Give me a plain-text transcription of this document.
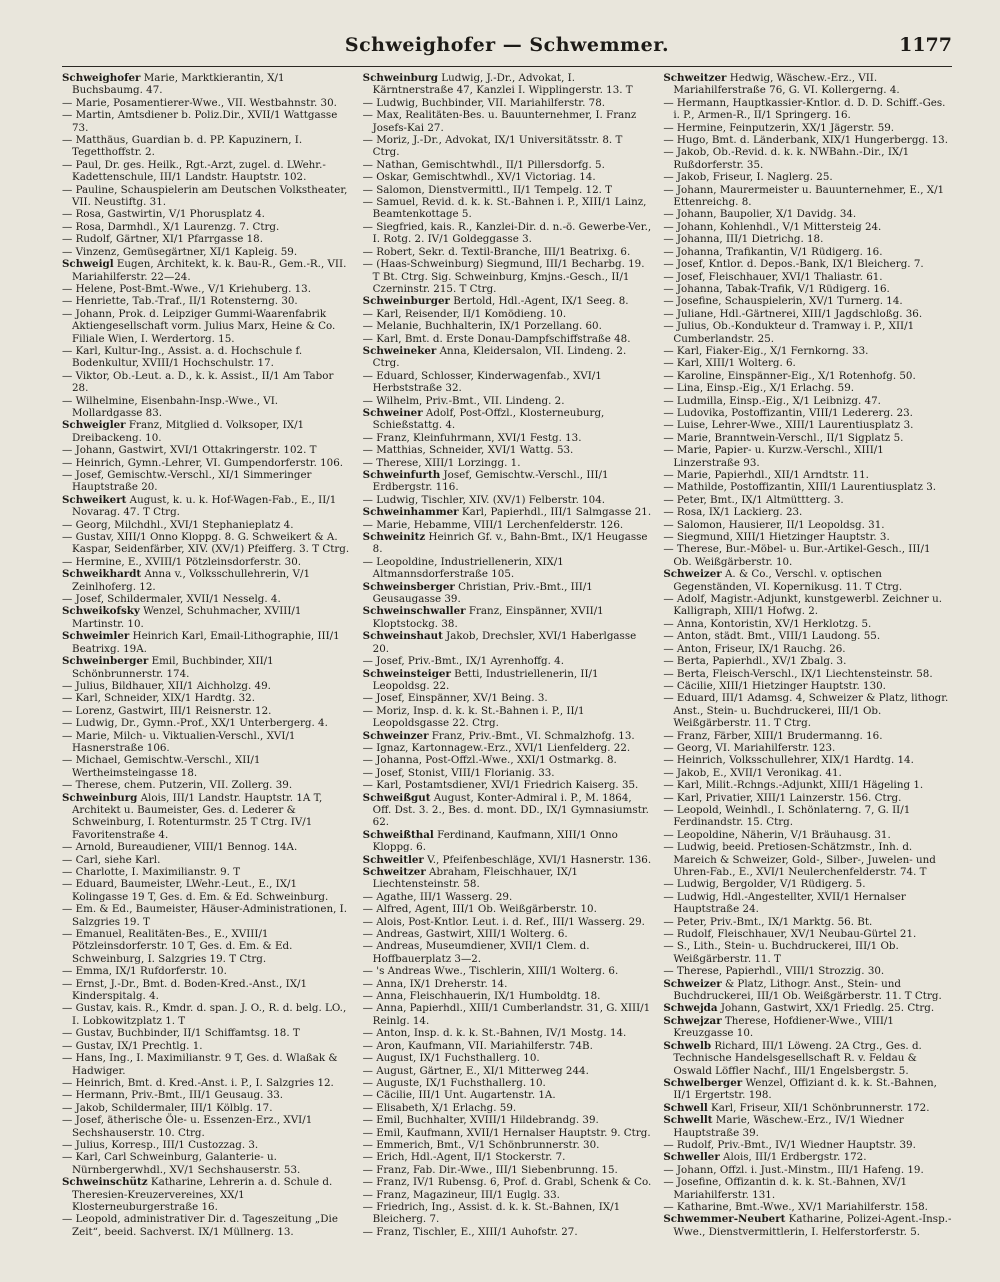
Schweighofer — Schwemmer.	1177

Schweighofer Marie, Marktkierantin, X/1 Buchsbaumg. 47.

— Marie, Posamentierer-Wwe., VII. Westbahnstr. 30.

— Martin, Amtsdiener b. Poliz.Dir., XVII/1 Wattgasse 73.

— Matthäus, Guardian b. d. PP. Kapuzinern, I. Tegetthoffstr. 2.

— Paul, Dr. ges. Heilk., Rgt.-Arzt, zugel. d. LWehr.-Kadettenschule, III/1 Landstr. Hauptstr. 102.

— Pauline, Schauspielerin am Deutschen Volkstheater, VII. Neustiftg. 31.

— Rosa, Gastwirtin, V/1 Phorusplatz 4.

— Rosa, Darmhdl., X/1 Laurenzg. 7. Ctrg.

— Rudolf, Gärtner, XI/1 Pfarrgasse 18.

— Vinzenz, Gemüsegärtner, XI/1 Kapleig. 59.

Schweigl Eugen, Architekt, k. k. Bau-R., Gem.-R., VII. Mariahilferstr. 22—24.

— Helene, Post-Bmt.-Wwe., V/1 Kriehuberg. 13.

— Henriette, Tab.-Traf., II/1 Rotensterng. 30.

— Johann, Prok. d. Leipziger Gummi-Waarenfabrik Aktiengesellschaft vorm. Julius Marx, Heine & Co. Filiale Wien, I. Werdertorg. 15.

— Karl, Kultur-Ing., Assist. a. d. Hochschule f. Bodenkultur, XVIII/1 Hochschulstr. 17.

— Viktor, Ob.-Leut. a. D., k. k. Assist., II/1 Am Tabor 28.

— Wilhelmine, Eisenbahn-Insp.-Wwe., VI. Mollardgasse 83.

Schweigler Franz, Mitglied d. Volksoper, IX/1 Dreibackeng. 10.

— Johann, Gastwirt, XVI/1 Ottakringerstr. 102. T

— Heinrich, Gymn.-Lehrer, VI. Gumpendorferstr. 106.

— Josef, Gemischtw.-Verschl., XI/1 Simmeringer Hauptstraße 20.

Schweikert August, k. u. k. Hof-Wagen-Fab., E., II/1 Novarag. 47. T Ctrg.

— Georg, Milchdhl., XVI/1 Stephanieplatz 4.

— Gustav, XIII/1 Onno Kloppg. 8. G. Schweikert & A. Kaspar, Seidenfärber, XIV. (XV/1) Pfeifferg. 3. T Ctrg.

— Hermine, E., XVIII/1 Pötzleinsdorferstr. 30.

Schweikhardt Anna v., Volksschullehrerin, V/1 Zeinlhoferg. 12.

— Josef, Schildermaler, XVII/1 Nesselg. 4.

Schweikofsky Wenzel, Schuhmacher, XVIII/1 Martinstr. 10.

Schweimler Heinrich Karl, Email-Lithographie, III/1 Beatrixg. 19A.

Schweinberger Emil, Buchbinder, XII/1 Schönbrunnerstr. 174.

— Julius, Bildhauer, XII/1 Aichholzg. 49.

— Karl, Schneider, XIX/1 Hardtg. 32.

— Lorenz, Gastwirt, III/1 Reisnerstr. 12.

— Ludwig, Dr., Gymn.-Prof., XX/1 Unterbergerg. 4.

— Marie, Milch- u. Viktualien-Verschl., XVI/1 Hasnerstraße 106.

— Michael, Gemischtw.-Verschl., XII/1 Wertheimsteingasse 18.

— Therese, chem. Putzerin, VII. Zollerg. 39.

Schweinburg Alois, III/1 Landstr. Hauptstr. 1A T, Architekt u. Baumeister, Ges. d. Lederer & Schweinburg, I. Rotenturmstr. 25 T Ctrg. IV/1 Favoritenstraße 4.

— Arnold, Bureaudiener, VIII/1 Bennog. 14A.

— Carl, siehe Karl.

— Charlotte, I. Maximilianstr. 9. T

— Eduard, Baumeister, LWehr.-Leut., E., IX/1 Kolingasse 19 T, Ges. d. Em. & Ed. Schweinburg.

— Em. & Ed., Baumeister, Häuser-Administrationen, I. Salzgries 19. T

— Emanuel, Realitäten-Bes., E., XVIII/1 Pötzleinsdorferstr. 10 T, Ges. d. Em. & Ed. Schweinburg, I. Salzgries 19. T Ctrg.

— Emma, IX/1 Rufdorferstr. 10.

— Ernst, J.-Dr., Bmt. d. Boden-Kred.-Anst., IX/1 Kinderspitalg. 4.

— Gustav, kais. R., Kmdr. d. span. J. O., R. d. belg. LO., I. Lobkowitzplatz 1. T

— Gustav, Buchbinder, II/1 Schiffamtsg. 18. T

— Gustav, IX/1 Prechtlg. 1.

— Hans, Ing., I. Maximilianstr. 9 T, Ges. d. Wlaßak & Hadwiger.

— Heinrich, Bmt. d. Kred.-Anst. i. P., I. Salzgries 12.

— Hermann, Priv.-Bmt., III/1 Geusaug. 33.

— Jakob, Schildermaler, III/1 Kölblg. 17.

— Josef, ätherische Öle- u. Essenzen-Erz., XVI/1 Sechshauserstr. 10. Ctrg.

— Julius, Korresp., III/1 Custozzag. 3.

— Karl, Carl Schweinburg, Galanterie- u. Nürnbergerwhdl., XV/1 Sechshauserstr. 53.

Schweinschütz Katharine, Lehrerin a. d. Schule d. Theresien-Kreuzervereines, XX/1 Klosterneuburgerstraße 16.

— Leopold, administrativer Dir. d. Tageszeitung „Die Zeit“, beeid. Sachverst. IX/1 Müllnerg. 13.

Schweinburg Ludwig, J.-Dr., Advokat, I. Kärntnerstraße 47, Kanzlei I. Wipplingerstr. 13. T

— Ludwig, Buchbinder, VII. Mariahilferstr. 78.

— Max, Realitäten-Bes. u. Bauunternehmer, I. Franz Josefs-Kai 27.

— Moriz, J.-Dr., Advokat, IX/1 Universitätsstr. 8. T Ctrg.

— Nathan, Gemischtwhdl., II/1 Pillersdorfg. 5.

— Oskar, Gemischtwhdl., XV/1 Victoriag. 14.

— Salomon, Dienstvermittl., II/1 Tempelg. 12. T

— Samuel, Revid. d. k. k. St.-Bahnen i. P., XIII/1 Lainz, Beamtenkottage 5.

— Siegfried, kais. R., Kanzlei-Dir. d. n.-ö. Gewerbe-Ver., I. Rotg. 2. IV/1 Goldeggasse 3.

— Robert, Sekr. d. Textil-Branche, III/1 Beatrixg. 6.

— (Haas-Schweinburg) Siegmund, III/1 Becharbg. 19. T Bt. Ctrg. Sig. Schweinburg, Kmjns.-Gesch., II/1 Czerninstr. 215. T Ctrg.

Schweinburger Bertold, Hdl.-Agent, IX/1 Seeg. 8.

— Karl, Reisender, II/1 Komödieng. 10.

— Melanie, Buchhalterin, IX/1 Porzellang. 60.

— Karl, Bmt. d. Erste Donau-Dampfschiffstraße 48.

Schweineker Anna, Kleidersalon, VII. Lindeng. 2. Ctrg.

— Eduard, Schlosser, Kinderwagenfab., XVI/1 Herbststraße 32.

— Wilhelm, Priv.-Bmt., VII. Lindeng. 2.

Schweiner Adolf, Post-Offzl., Klosterneuburg, Schießstattg. 4.

— Franz, Kleinfuhrmann, XVI/1 Festg. 13.

— Matthias, Schneider, XVI/1 Wattg. 53.

— Therese, XIII/1 Lorzingg. 1.

Schweinfurth Josef, Gemischtw.-Verschl., III/1 Erdbergstr. 116.

— Ludwig, Tischler, XIV. (XV/1) Felberstr. 104.

Schweinhammer Karl, Papierhdl., III/1 Salmgasse 21.

— Marie, Hebamme, VIII/1 Lerchenfelderstr. 126.

Schweinitz Heinrich Gf. v., Bahn-Bmt., IX/1 Heugasse 8.

— Leopoldine, Industriellenerin, XIX/1 Altmannsdorferstraße 105.

Schweinsberger Christian, Priv.-Bmt., III/1 Geusaugasse 39.

Schweinschwaller Franz, Einspänner, XVII/1 Kloptstockg. 38.

Schweinshaut Jakob, Drechsler, XVI/1 Haberlgasse 20.

— Josef, Priv.-Bmt., IX/1 Ayrenhoffg. 4.

Schweinsteiger Betti, Industriellenerin, II/1 Leopoldsg. 22.

— Josef, Einspänner, XV/1 Being. 3.

— Moriz, Insp. d. k. k. St.-Bahnen i. P., II/1 Leopoldsgasse 22. Ctrg.

Schweinzer Franz, Priv.-Bmt., VI. Schmalzhofg. 13.

— Ignaz, Kartonnagew.-Erz., XVI/1 Lienfelderg. 22.

— Johanna, Post-Offzl.-Wwe., XXI/1 Ostmarkg. 8.

— Josef, Stonist, VIII/1 Florianig. 33.

— Karl, Postamtsdiener, XVI/1 Friedrich Kaiserg. 35.

Schweißgut August, Konter-Admiral i. P., M. 1864, Off. Dst. 3. 2., Bes. d. mont. DD., IX/1 Gymnasiumstr. 62.

Schweißthal Ferdinand, Kaufmann, XIII/1 Onno Kloppg. 6.

Schweitler V., Pfeifenbeschläge, XVI/1 Hasnerstr. 136.

Schweitzer Abraham, Fleischhauer, IX/1 Liechtensteinstr. 58.

— Agathe, III/1 Wasserg. 29.

— Alfred, Agent, III/1 Ob. Weißgärberstr. 10.

— Alois, Post-Kntlor. Leut. i. d. Ref., III/1 Wasserg. 29.

— Andreas, Gastwirt, XIII/1 Wolterg. 6.

— Andreas, Museumdiener, XVII/1 Clem. d. Hoffbauerplatz 3—2.

— 's Andreas Wwe., Tischlerin, XIII/1 Wolterg. 6.

— Anna, IX/1 Dreherstr. 14.

— Anna, Fleischhauerin, IX/1 Humboldtg. 18.

— Anna, Papierhdl., XIII/1 Cumberlandstr. 31, G. XIII/1 Reinlg. 14.

— Anton, Insp. d. k. k. St.-Bahnen, IV/1 Mostg. 14.

— Aron, Kaufmann, VII. Mariahilferstr. 74B.

— August, IX/1 Fuchsthallerg. 10.

— August, Gärtner, E., XI/1 Mitterweg 244.

— Auguste, IX/1 Fuchsthallerg. 10.

— Cäcilie, III/1 Unt. Augartenstr. 1A.

— Elisabeth, X/1 Erlachg. 59.

— Emil, Buchhalter, XVIII/1 Hildebrandg. 39.

— Emil, Kaufmann, XVII/1 Hernalser Hauptstr. 9. Ctrg.

— Emmerich, Bmt., V/1 Schönbrunnerstr. 30.

— Erich, Hdl.-Agent, II/1 Stockerstr. 7.

— Franz, Fab. Dir.-Wwe., III/1 Siebenbrunng. 15.

— Franz, IV/1 Rubensg. 6, Prof. d. Grabl, Schenk & Co.

— Franz, Magazineur, III/1 Euglg. 33.

— Friedrich, Ing., Assist. d. k. k. St.-Bahnen, IX/1 Bleicherg. 7.

— Franz, Tischler, E., XIII/1 Auhofstr. 27.

Schweitzer Hedwig, Wäschew.-Erz., VII. Mariahilferstraße 76, G. VI. Kollergerng. 4.

— Hermann, Hauptkassier-Kntlor. d. D. D. Schiff.-Ges. i. P., Armen-R., II/1 Springerg. 16.

— Hermine, Feinputzerin, XX/1 Jägerstr. 59.

— Hugo, Bmt. d. Länderbank, XIX/1 Hungerbergg. 13.

— Jakob, Ob.-Revid. d. k. k. NWBahn.-Dir., IX/1 Rußdorferstr. 35.

— Jakob, Friseur, I. Naglerg. 25.

— Johann, Maurermeister u. Bauunternehmer, E., X/1 Ettenreichg. 8.

— Johann, Baupolier, X/1 Davidg. 34.

— Johann, Kohlenhdl., V/1 Mittersteig 24.

— Johanna, III/1 Dietrichg. 18.

— Johanna, Trafikantin, V/1 Rüdigerg. 16.

— Josef, Kntlor. d. Depos.-Bank, IX/1 Bleicherg. 7.

— Josef, Fleischhauer, XVI/1 Thaliastr. 61.

— Johanna, Tabak-Trafik, V/1 Rüdigerg. 16.

— Josefine, Schauspielerin, XV/1 Turnerg. 14.

— Juliane, Hdl.-Gärtnerei, XIII/1 Jagdschloßg. 36.

— Julius, Ob.-Kondukteur d. Tramway i. P., XII/1 Cumberlandstr. 25.

— Karl, Fiaker-Eig., X/1 Fernkorng. 33.

— Karl, XIII/1 Wolterg. 6.

— Karoline, Einspänner-Eig., X/1 Rotenhofg. 50.

— Lina, Einsp.-Eig., X/1 Erlachg. 59.

— Ludmilla, Einsp.-Eig., X/1 Leibnizg. 47.

— Ludovika, Postoffizantin, VIII/1 Ledererg. 23.

— Luise, Lehrer-Wwe., XIII/1 Laurentiusplatz 3.

— Marie, Branntwein-Verschl., II/1 Sigplatz 5.

— Marie, Papier- u. Kurzw.-Verschl., XIII/1 Linzerstraße 93.

— Marie, Papierhdl., XII/1 Arndtstr. 11.

— Mathilde, Postoffizantin, XIII/1 Laurentiusplatz 3.

— Peter, Bmt., IX/1 Altmüttterg. 3.

— Rosa, IX/1 Lackierg. 23.

— Salomon, Hausierer, II/1 Leopoldsg. 31.

— Siegmund, XIII/1 Hietzinger Hauptstr. 3.

— Therese, Bur.-Möbel- u. Bur.-Artikel-Gesch., III/1 Ob. Weißgärberstr. 10.

Schweizer A. & Co., Verschl. v. optischen Gegenständen, VI. Kopernikusg. 11. T Ctrg.

— Adolf, Magistr.-Adjunkt, kunstgewerbl. Zeichner u. Kalligraph, XIII/1 Hofwg. 2.

— Anna, Kontoristin, XV/1 Herklotzg. 5.

— Anton, städt. Bmt., VIII/1 Laudong. 55.

— Anton, Friseur, IX/1 Rauchg. 26.

— Berta, Papierhdl., XV/1 Zbalg. 3.

— Berta, Fleisch-Verschl., IX/1 Liechtensteinstr. 58.

— Cäcilie, XIII/1 Hietzinger Hauptstr. 130.

— Eduard, III/1 Adamsg. 4, Schweizer & Platz, lithogr. Anst., Stein- u. Buchdruckerei, III/1 Ob. Weißgärberstr. 11. T Ctrg.

— Franz, Färber, XIII/1 Brudermanng. 16.

— Georg, VI. Mariahilferstr. 123.

— Heinrich, Volksschullehrer, XIX/1 Hardtg. 14.

— Jakob, E., XVII/1 Veronikag. 41.

— Karl, Milit.-Rchngs.-Adjunkt, XIII/1 Hägeling 1.

— Karl, Privatier, XIII/1 Lainzerstr. 156. Ctrg.

— Leopold, Weinhdl., I. Schönlaterng. 7, G. II/1 Ferdinandstr. 15. Ctrg.

— Leopoldine, Näherin, V/1 Bräuhausg. 31.

— Ludwig, beeid. Pretiosen-Schätzmstr., Inh. d. Mareich & Schweizer, Gold-, Silber-, Juwelen- und Uhren-Fab., E., XVI/1 Neulerchenfelderstr. 74. T

— Ludwig, Bergolder, V/1 Rüdigerg. 5.

— Ludwig, Hdl.-Angestellter, XVII/1 Hernalser Hauptstraße 24.

— Peter, Priv.-Bmt., IX/1 Marktg. 56. Bt.

— Rudolf, Fleischhauer, XV/1 Neubau-Gürtel 21.

— S., Lith., Stein- u. Buchdruckerei, III/1 Ob. Weißgärberstr. 11. T

— Therese, Papierhdl., VIII/1 Strozzig. 30.

Schweizer & Platz, Lithogr. Anst., Stein- und Buchdruckerei, III/1 Ob. Weißgärberstr. 11. T Ctrg.

Schwejda Johann, Gastwirt, XX/1 Friedlg. 25. Ctrg.

Schwejzar Therese, Hofdiener-Wwe., VIII/1 Kreuzgasse 10.

Schwelb Richard, III/1 Löweng. 2A Ctrg., Ges. d. Technische Handelsgesellschaft R. v. Feldau & Oswald Löffler Nachf., III/1 Engelsbergstr. 5.

Schwelberger Wenzel, Offiziant d. k. k. St.-Bahnen, II/1 Ergertstr. 198.

Schwell Karl, Friseur, XII/1 Schönbrunnerstr. 172.

Schwellt Marie, Wäschew.-Erz., IV/1 Wiedner Hauptstraße 39.

— Rudolf, Priv.-Bmt., IV/1 Wiedner Hauptstr. 39.

Schweller Alois, III/1 Erdbergstr. 172.

— Johann, Offzl. i. Just.-Minstm., III/1 Hafeng. 19.

— Josefine, Offizantin d. k. k. St.-Bahnen, XV/1 Mariahilferstr. 131.

— Katharine, Bmt.-Wwe., XV/1 Mariahilferstr. 158.

Schwemmer-Neubert Katharine, Polizei-Agent.-Insp.-Wwe., Dienstvermittlerin, I. Helferstorferstr. 5.
